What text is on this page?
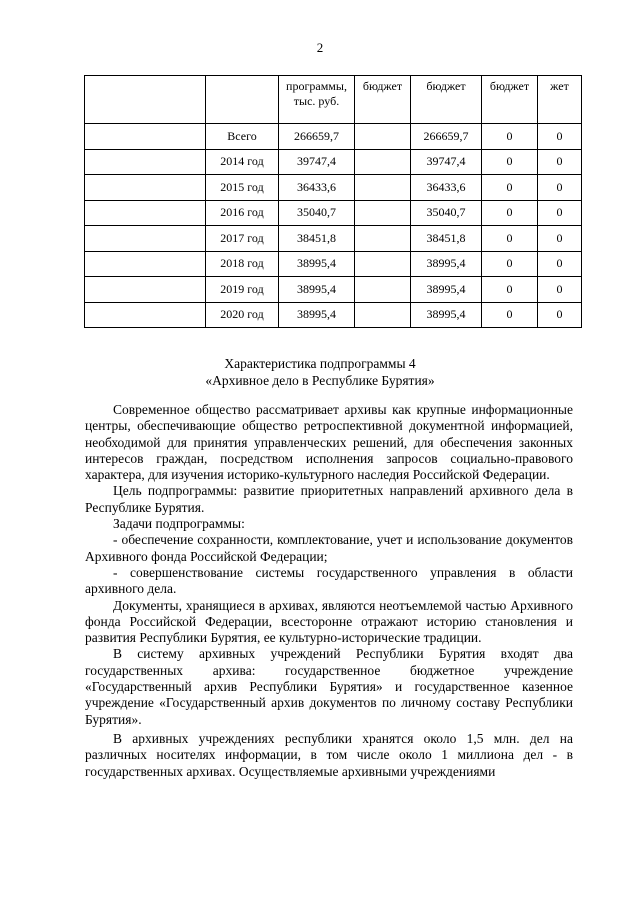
2
		программы, тыс. руб.	бюджет	бюджет	бюджет	жет
	Всего	266659,7		266659,7	0	0
	2014 год	39747,4		39747,4	0	0
	2015 год	36433,6		36433,6	0	0
	2016 год	35040,7		35040,7	0	0
	2017 год	38451,8		38451,8	0	0
	2018 год	38995,4		38995,4	0	0
	2019 год	38995,4		38995,4	0	0
	2020 год	38995,4		38995,4	0	0
Характеристика подпрограммы 4
«Архивное дело в Республике Бурятия»

Современное общество рассматривает архивы как крупные информационные центры, обеспечивающие общество ретроспективной документной информацией, необходимой для принятия управленческих решений, для обеспечения законных интересов граждан, посредством исполнения запросов социально-правового характера, для изучения историко-культурного наследия Российской Федерации.

Цель подпрограммы: развитие приоритетных направлений архивного дела в Республике Бурятия.

Задачи подпрограммы:

- обеспечение сохранности, комплектование, учет и использование документов Архивного фонда Российской Федерации;

- совершенствование системы государственного управления в области архивного дела.

Документы, хранящиеся в архивах, являются неотъемлемой частью Архивного фонда Российской Федерации, всесторонне отражают историю становления и развития Республики Бурятия, ее культурно-исторические традиции.

В систему архивных учреждений Республики Бурятия входят два государственных архива: государственное бюджетное учреждение «Государственный архив Республики Бурятия» и государственное казенное учреждение «Государственный архив документов по личному составу Республики Бурятия».

В архивных учреждениях республики хранятся около 1,5 млн. дел на различных носителях информации, в том числе около 1 миллиона дел - в государственных архивах. Осуществляемые архивными учреждениями
